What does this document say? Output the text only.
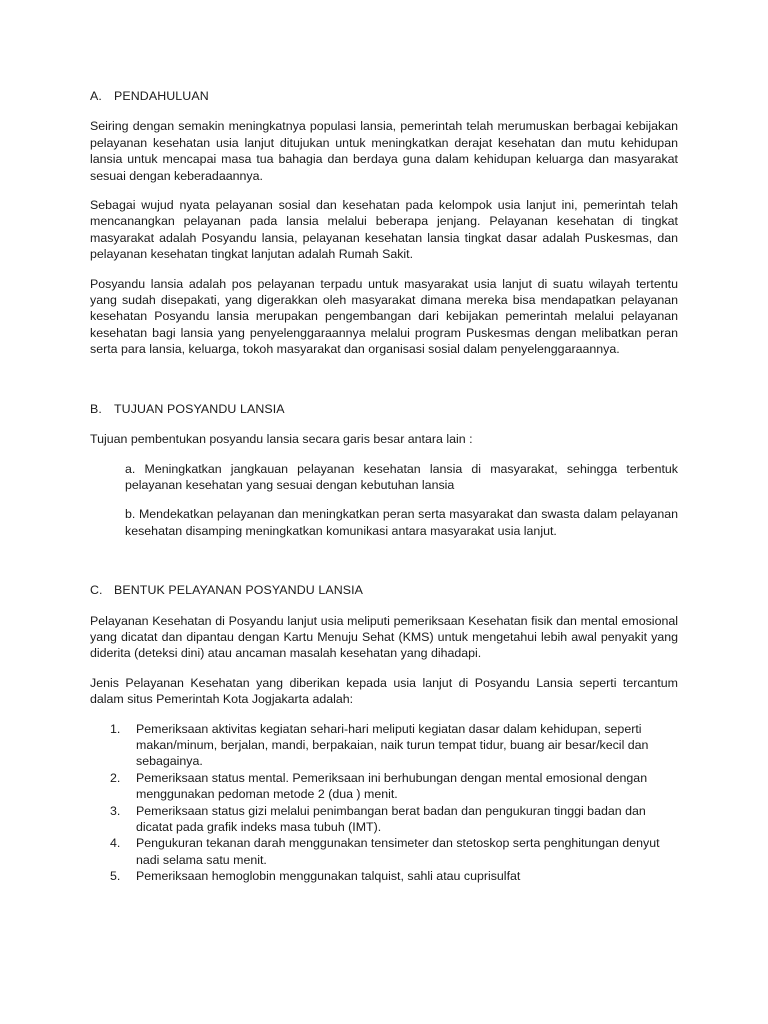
A. PENDAHULUAN

Seiring dengan semakin meningkatnya populasi lansia, pemerintah telah merumuskan berbagai kebijakan pelayanan kesehatan usia lanjut ditujukan untuk meningkatkan derajat kesehatan dan mutu kehidupan lansia untuk mencapai masa tua bahagia dan berdaya guna dalam kehidupan keluarga dan masyarakat sesuai dengan keberadaannya.

Sebagai wujud nyata pelayanan sosial dan kesehatan pada kelompok usia lanjut ini, pemerintah telah mencanangkan pelayanan pada lansia melalui beberapa jenjang. Pelayanan kesehatan di tingkat masyarakat adalah Posyandu lansia, pelayanan kesehatan lansia tingkat dasar adalah Puskesmas, dan pelayanan kesehatan tingkat lanjutan adalah Rumah Sakit.

Posyandu lansia adalah pos pelayanan terpadu untuk masyarakat usia lanjut di suatu wilayah tertentu yang sudah disepakati, yang digerakkan oleh masyarakat dimana mereka bisa mendapatkan pelayanan kesehatan Posyandu lansia merupakan pengembangan dari kebijakan pemerintah melalui pelayanan kesehatan bagi lansia yang penyelenggaraannya melalui program Puskesmas dengan melibatkan peran serta para lansia, keluarga, tokoh masyarakat dan organisasi sosial dalam penyelenggaraannya.

B. TUJUAN POSYANDU LANSIA

Tujuan pembentukan posyandu lansia secara garis besar antara lain :

a. Meningkatkan jangkauan pelayanan kesehatan lansia di masyarakat, sehingga terbentuk pelayanan kesehatan yang sesuai dengan kebutuhan lansia

b. Mendekatkan pelayanan dan meningkatkan peran serta masyarakat dan swasta dalam pelayanan kesehatan disamping meningkatkan komunikasi antara masyarakat usia lanjut.

C. BENTUK PELAYANAN POSYANDU LANSIA

Pelayanan Kesehatan di Posyandu lanjut usia meliputi pemeriksaan Kesehatan fisik dan mental emosional yang dicatat dan dipantau dengan Kartu Menuju Sehat (KMS) untuk mengetahui lebih awal penyakit yang diderita (deteksi dini) atau ancaman masalah kesehatan yang dihadapi.

Jenis Pelayanan Kesehatan yang diberikan kepada usia lanjut di Posyandu Lansia seperti tercantum dalam situs Pemerintah Kota Jogjakarta adalah:

1. Pemeriksaan aktivitas kegiatan sehari-hari meliputi kegiatan dasar dalam kehidupan, seperti makan/minum, berjalan, mandi, berpakaian, naik turun tempat tidur, buang air besar/kecil dan sebagainya.
2. Pemeriksaan status mental. Pemeriksaan ini berhubungan dengan mental emosional dengan menggunakan pedoman metode 2 (dua ) menit.
3. Pemeriksaan status gizi melalui penimbangan berat badan dan pengukuran tinggi badan dan dicatat pada grafik indeks masa tubuh (IMT).
4. Pengukuran tekanan darah menggunakan tensimeter dan stetoskop serta penghitungan denyut nadi selama satu menit.
5. Pemeriksaan hemoglobin menggunakan talquist, sahli atau cuprisulfat
